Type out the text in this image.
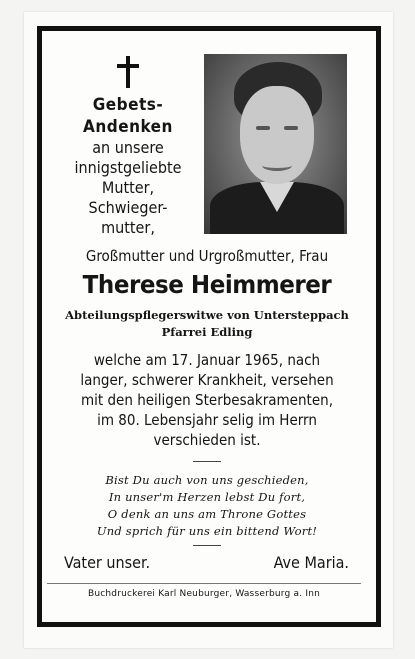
Gebets-
Andenken
an unsere
innigstgeliebte
Mutter,
Schwieger-
mutter,
Großmutter und Urgroßmutter, Frau
Therese Heimmerer
Abteilungspflegerswitwe von Untersteppach
Pfarrei Edling
welche am 17. Januar 1965, nach
langer, schwerer Krankheit, versehen
mit den heiligen Sterbesakramenten,
im 80. Lebensjahr selig im Herrn
verschieden ist.
Bist Du auch von uns geschieden,
In unser'm Herzen lebst Du fort,
O denk an uns am Throne Gottes
Und sprich für uns ein bittend Wort!
Vater unser.	Ave Maria.
Buchdruckerei Karl Neuburger, Wasserburg a. Inn
